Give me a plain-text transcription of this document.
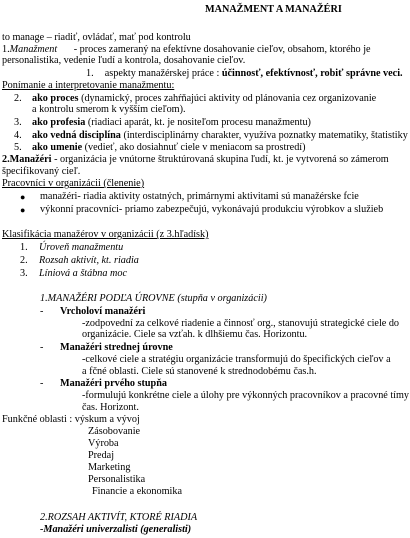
MANAŽMENT A MANAŽÉRI
to manage – riadiť, ovládať, mať pod kontrolu
1.Manažment - proces zameraný na efektívne dosahovanie cieľov, obsahom, ktorého je
personalistika, vedenie ľudí a kontrola, dosahovanie cieľov.
1. aspekty manažérskej práce : účinnosť, efektívnosť, robiť správne veci.
Ponímanie a interpretovanie manažmentu:
2. ako proces (dynamický, proces zahŕňajúci aktivity od plánovania cez organizovanie
a kontrolu smerom k vyšším cieľom).
3. ako profesia (riadiaci aparát, kt. je nositeľom procesu manažmentu)
4. ako vedná disciplína (interdisciplinárny charakter, využíva poznatky matematiky, štatistiky
5. ako umenie (vedieť, ako dosiahnuť ciele v meniacom sa prostredí)
2.Manažéri - organizácia je vnútorne štruktúrovaná skupina ľudí, kt. je vytvorená so zámerom
špecifikovaný cieľ.
Pracovníci v organizácii (členenie)
● manažéri- riadia aktivity ostatných, primárnymi aktivitami sú manažérske fcie
● výkonní pracovníci- priamo zabezpečujú, vykonávajú produkciu výrobkov a služieb
Klasifikácia manažérov v organizácii (z 3.hľadísk)
1. Úroveň manažmentu
2. Rozsah aktivít, kt. riadia
3. Líniová a štábna moc
1.MANAŽÉRI PODĽA ÚROVNE (stupňa v organizácii)
- Vrcholoví manažéri
-zodpovední za celkové riadenie a činnosť org., stanovujú strategické ciele do
organizácie. Ciele sa vzťah. k dlhšiemu čas. Horizontu.
- Manažéri strednej úrovne
-celkové ciele a stratégiu organizácie transformujú do špecifických cieľov a
a fčné oblasti. Ciele sú stanovené k strednodobému čas.h.
- Manažéri prvého stupňa
-formulujú konkrétne ciele a úlohy pre výkonných pracovníkov a pracovné tímy
čas. Horizont.
Funkčné oblasti : výskum a vývoj
Zásobovanie
Výroba
Predaj
Marketing
Personalistika
Financie a ekonomika
2.ROZSAH AKTIVÍT, KTORÉ RIADIA
-Manažéri univerzalisti (generalisti)
